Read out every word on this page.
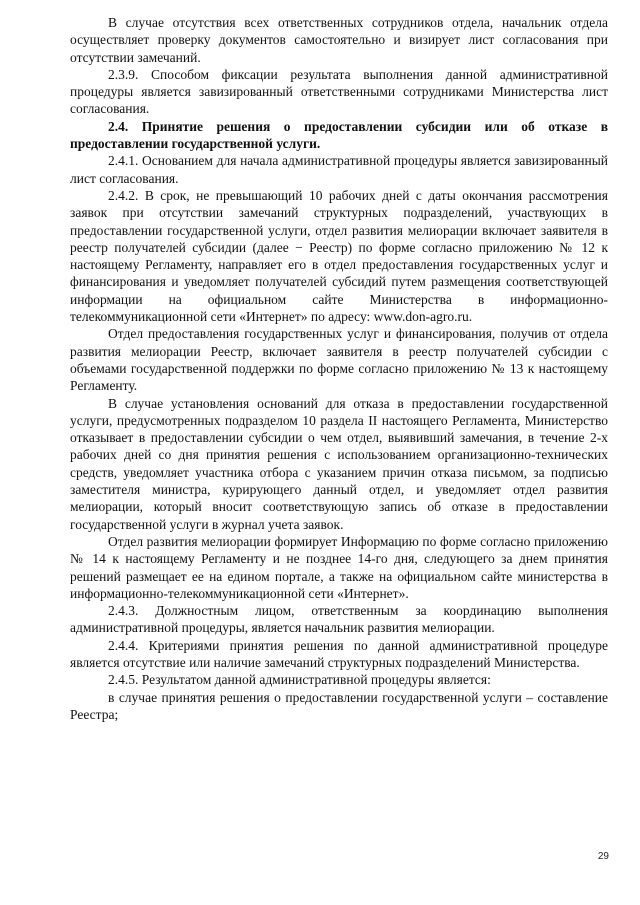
В случае отсутствия всех ответственных сотрудников отдела, начальник отдела осуществляет проверку документов самостоятельно и визирует лист согласования при отсутствии замечаний.

2.3.9. Способом фиксации результата выполнения данной административной процедуры является завизированный ответственными сотрудниками Министерства лист согласования.

2.4. Принятие решения о предоставлении субсидии или об отказе в предоставлении государственной услуги.

2.4.1. Основанием для начала административной процедуры является завизированный лист согласования.

2.4.2. В срок, не превышающий 10 рабочих дней с даты окончания рассмотрения заявок при отсутствии замечаний структурных подразделений, участвующих в предоставлении государственной услуги, отдел развития мелиорации включает заявителя в реестр получателей субсидии (далее − Реестр) по форме согласно приложению № 12 к настоящему Регламенту, направляет его в отдел предоставления государственных услуг и финансирования и уведомляет получателей субсидий путем размещения соответствующей информации на официальном сайте Министерства в информационно-телекоммуникационной сети «Интернет» по адресу: www.don-agro.ru.

Отдел предоставления государственных услуг и финансирования, получив от отдела развития мелиорации Реестр, включает заявителя в реестр получателей субсидии с объемами государственной поддержки по форме согласно приложению № 13 к настоящему Регламенту.

В случае установления оснований для отказа в предоставлении государственной услуги, предусмотренных подразделом 10 раздела II настоящего Регламента, Министерство отказывает в предоставлении субсидии о чем отдел, выявивший замечания, в течение 2-х рабочих дней со дня принятия решения с использованием организационно-технических средств, уведомляет участника отбора с указанием причин отказа письмом, за подписью заместителя министра, курирующего данный отдел, и уведомляет отдел развития мелиорации, который вносит соответствующую запись об отказе в предоставлении государственной услуги в журнал учета заявок.

Отдел развития мелиорации формирует Информацию по форме согласно приложению № 14 к настоящему Регламенту и не позднее 14-го дня, следующего за днем принятия решений размещает ее на едином портале, а также на официальном сайте министерства в информационно-телекоммуникационной сети «Интернет».

2.4.3. Должностным лицом, ответственным за координацию выполнения административной процедуры, является начальник развития мелиорации.

2.4.4. Критериями принятия решения по данной административной процедуре является отсутствие или наличие замечаний структурных подразделений Министерства.

2.4.5. Результатом данной административной процедуры является:

в случае принятия решения о предоставлении государственной услуги – составление Реестра;

29
